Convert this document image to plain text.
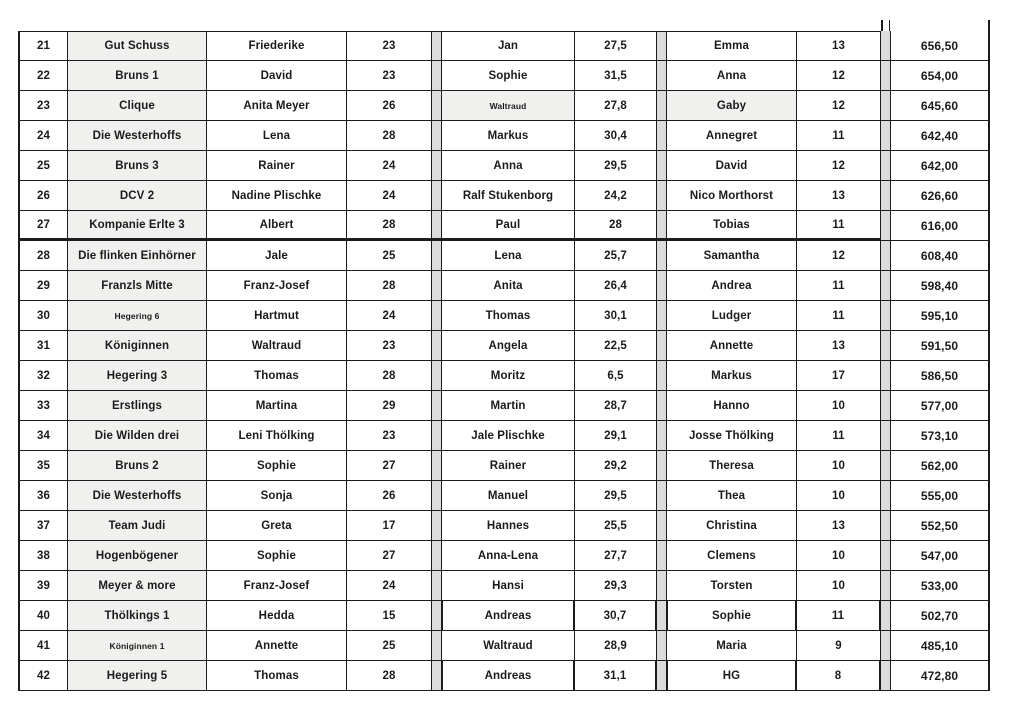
21	Gut Schuss	Friederike	23	Jan	27,5	Emma	13	656,50
22	Bruns 1	David	23	Sophie	31,5	Anna	12	654,00
23	Clique	Anita Meyer	26	Waltraud	27,8	Gaby	12	645,60
24	Die Westerhoffs	Lena	28	Markus	30,4	Annegret	11	642,40
25	Bruns 3	Rainer	24	Anna	29,5	David	12	642,00
26	DCV 2	Nadine Plischke	24	Ralf Stukenborg	24,2	Nico Morthorst	13	626,60
27	Kompanie Erlte 3	Albert	28	Paul	28	Tobias	11	616,00
28	Die flinken Einhörner	Jale	25	Lena	25,7	Samantha	12	608,40
29	Franzls Mitte	Franz-Josef	28	Anita	26,4	Andrea	11	598,40
30	Hegering 6	Hartmut	24	Thomas	30,1	Ludger	11	595,10
31	Königinnen	Waltraud	23	Angela	22,5	Annette	13	591,50
32	Hegering 3	Thomas	28	Moritz	6,5	Markus	17	586,50
33	Erstlings	Martina	29	Martin	28,7	Hanno	10	577,00
34	Die Wilden drei	Leni Thölking	23	Jale Plischke	29,1	Josse Thölking	11	573,10
35	Bruns 2	Sophie	27	Rainer	29,2	Theresa	10	562,00
36	Die Westerhoffs	Sonja	26	Manuel	29,5	Thea	10	555,00
37	Team Judi	Greta	17	Hannes	25,5	Christina	13	552,50
38	Hogenbögener	Sophie	27	Anna-Lena	27,7	Clemens	10	547,00
39	Meyer & more	Franz-Josef	24	Hansi	29,3	Torsten	10	533,00
40	Thölkings 1	Hedda	15	Andreas	30,7	Sophie	11	502,70
41	Königinnen 1	Annette	25	Waltraud	28,9	Maria	9	485,10
42	Hegering 5	Thomas	28	Andreas	31,1	HG	8	472,80
